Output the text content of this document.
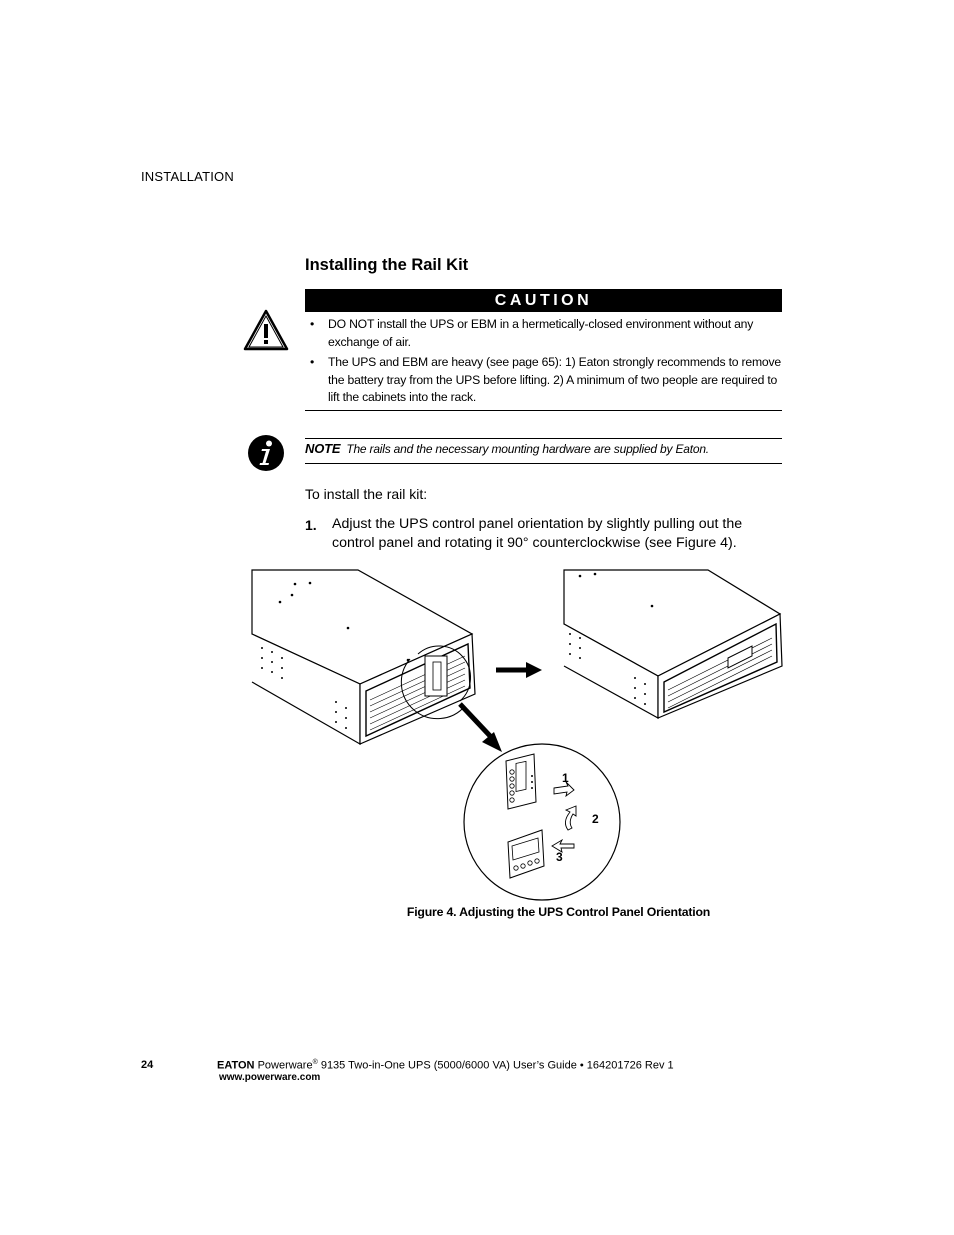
INSTALLATION
Installing the Rail Kit
CAUTION
• DO NOT install the UPS or EBM in a hermetically-closed environment without any exchange of air.
• The UPS and EBM are heavy (see page 65): 1) Eaton strongly recommends to remove the battery tray from the UPS before lifting. 2) A minimum of two people are required to lift the cabinets into the rack.
NOTE The rails and the necessary mounting hardware are supplied by Eaton.
To install the rail kit:
1. Adjust the UPS control panel orientation by slightly pulling out the control panel and rotating it 90° counterclockwise (see Figure 4).
1
2
3
Figure 4. Adjusting the UPS Control Panel Orientation
24	EATON Powerware® 9135 Two-in-One UPS (5000/6000 VA) User’s Guide • 164201726 Rev 1
www.powerware.com
